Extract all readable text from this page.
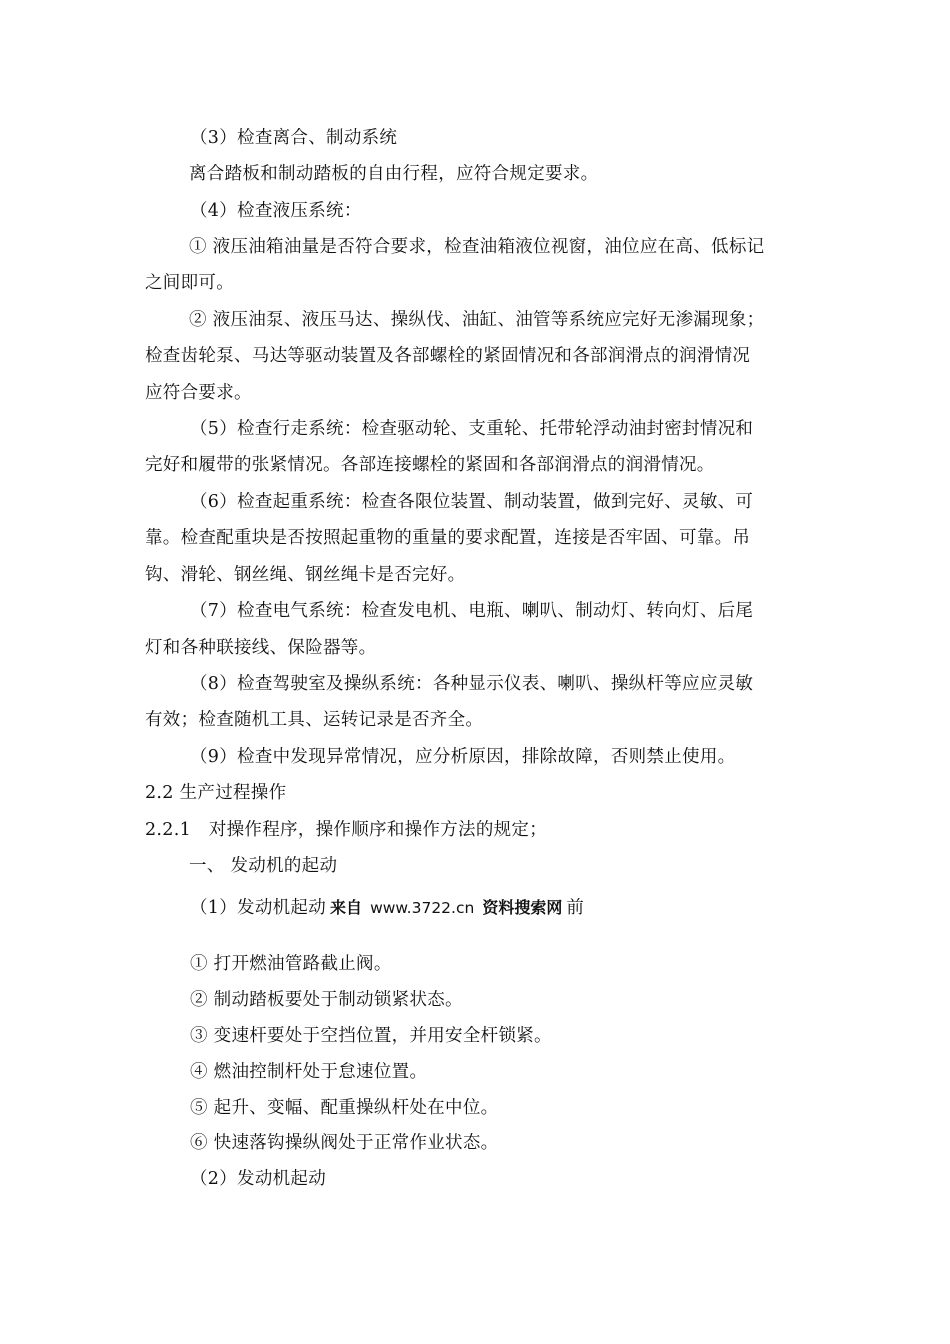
（3）检查离合、制动系统
离合踏板和制动踏板的自由行程，应符合规定要求。
（4）检查液压系统：
① 液压油箱油量是否符合要求，检查油箱液位视窗，油位应在高、低标记
之间即可。
② 液压油泵、液压马达、操纵伐、油缸、油管等系统应完好无渗漏现象；
检查齿轮泵、马达等驱动装置及各部螺栓的紧固情况和各部润滑点的润滑情况
应符合要求。
（5）检查行走系统：检查驱动轮、支重轮、托带轮浮动油封密封情况和
完好和履带的张紧情况。各部连接螺栓的紧固和各部润滑点的润滑情况。
（6）检查起重系统：检查各限位装置、制动装置，做到完好、灵敏、可
靠。检查配重块是否按照起重物的重量的要求配置，连接是否牢固、可靠。吊
钩、滑轮、钢丝绳、钢丝绳卡是否完好。
（7）检查电气系统：检查发电机、电瓶、喇叭、制动灯、转向灯、后尾
灯和各种联接线、保险器等。
（8）检查驾驶室及操纵系统：各种显示仪表、喇叭、操纵杆等应应灵敏
有效；检查随机工具、运转记录是否齐全。
（9）检查中发现异常情况，应分析原因，排除故障，否则禁止使用。
2.2 生产过程操作
2.2.1　对操作程序，操作顺序和操作方法的规定；
一、 发动机的起动
（1）发动机起动 来自 www.3722.cn 资料搜索网 前
① 打开燃油管路截止阀。
② 制动踏板要处于制动锁紧状态。
③ 变速杆要处于空挡位置，并用安全杆锁紧。
④ 燃油控制杆处于怠速位置。
⑤ 起升、变幅、配重操纵杆处在中位。
⑥ 快速落钩操纵阀处于正常作业状态。
（2）发动机起动
